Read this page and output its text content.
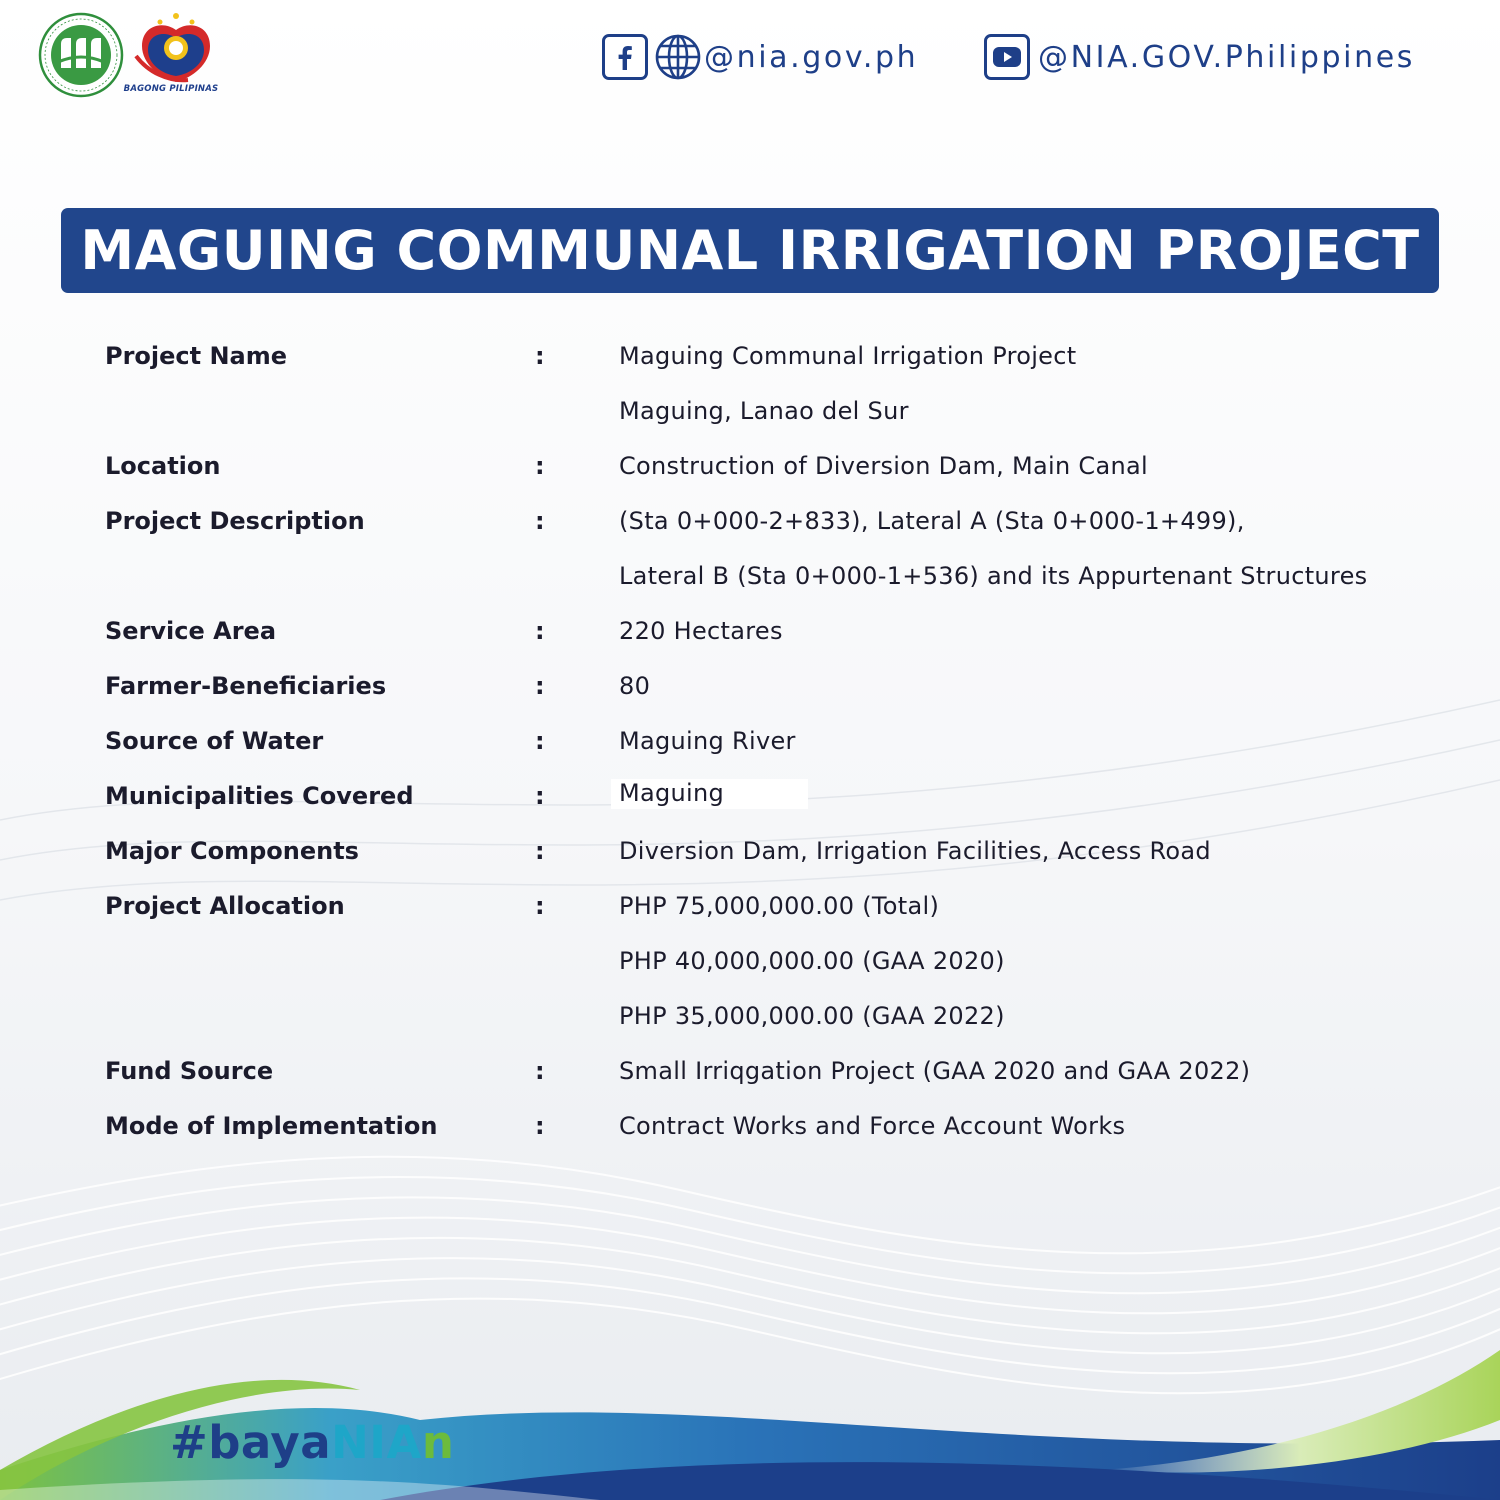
BAGONG PILIPINAS
@nia.gov.ph	@NIA.GOV.Philippines
MAGUING COMMUNAL IRRIGATION PROJECT
Project Name	:	Maguing Communal Irrigation Project
Maguing, Lanao del Sur
Location	:	Construction of Diversion Dam, Main Canal
Project Description	:	(Sta 0+000-2+833), Lateral A (Sta 0+000-1+499),
Lateral B (Sta 0+000-1+536) and its Appurtenant Structures
Service Area	:	220 Hectares
Farmer-Beneficiaries	:	80
Source of Water	:	Maguing River
Municipalities Covered	:	Maguing
Major Components	:	Diversion Dam, Irrigation Facilities, Access Road
Project Allocation	:	PHP 75,000,000.00 (Total)
PHP 40,000,000.00 (GAA 2020)
PHP 35,000,000.00 (GAA 2022)
Fund Source	:	Small Irriqgation Project (GAA 2020 and GAA 2022)
Mode of Implementation	:	Contract Works and Force Account Works
#bayaNIAn
